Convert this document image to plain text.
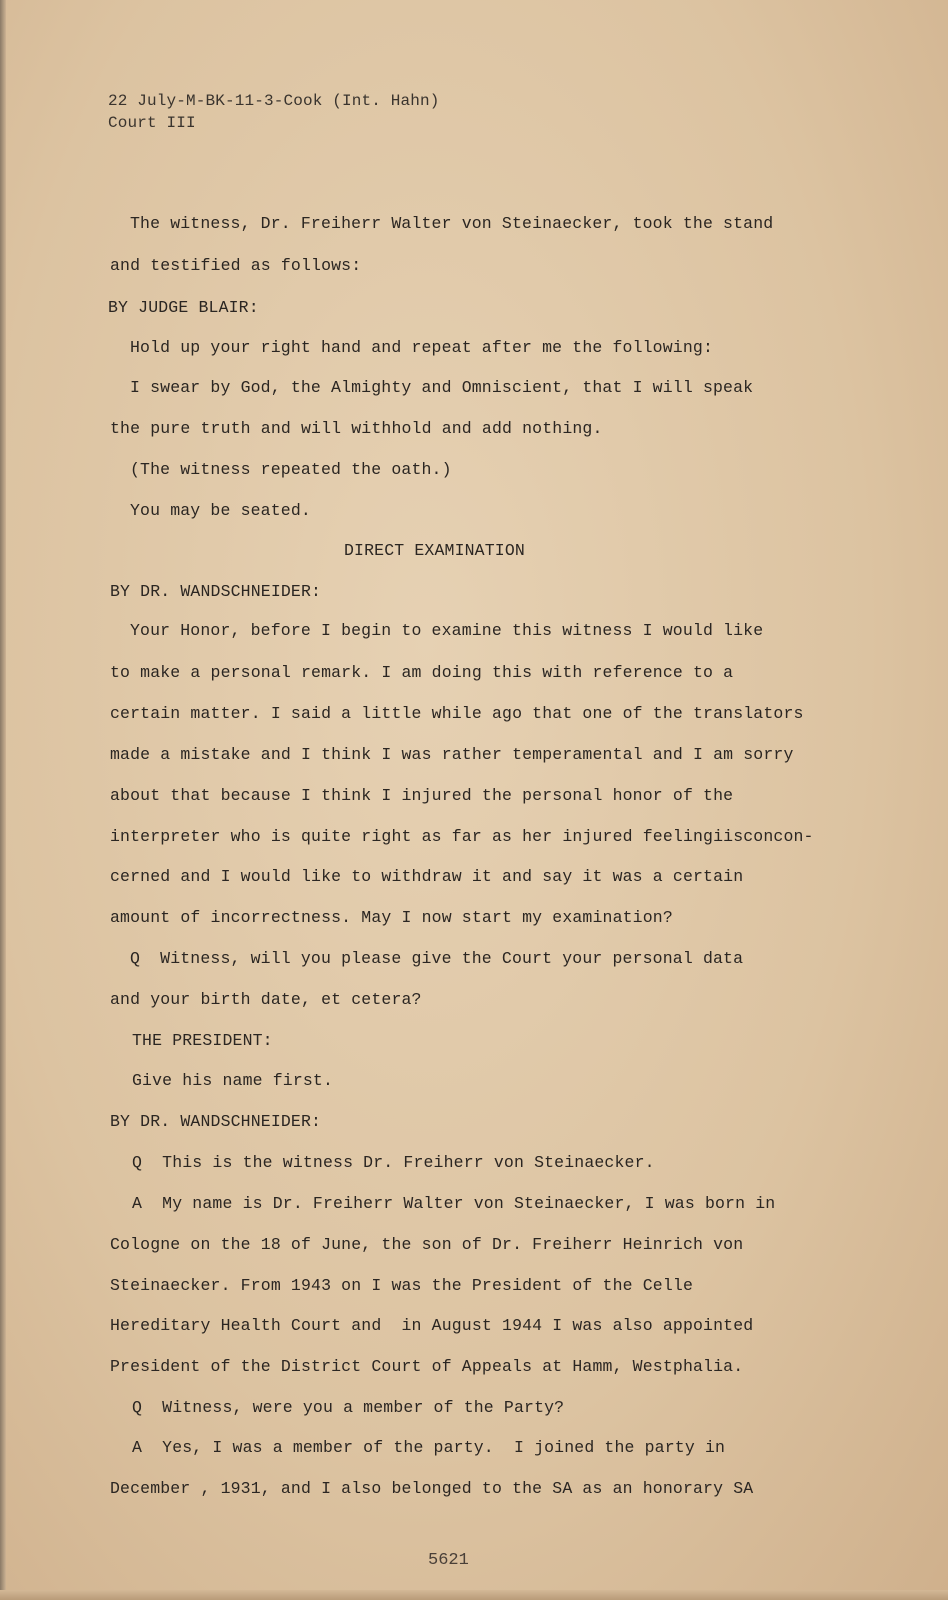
22 July-M-BK-11-3-Cook (Int. Hahn)
Court III
The witness, Dr. Freiherr Walter von Steinaecker, took the stand
and testified as follows:
BY JUDGE BLAIR:
Hold up your right hand and repeat after me the following:
I swear by God, the Almighty and Omniscient, that I will speak
the pure truth and will withhold and add nothing.
(The witness repeated the oath.)
You may be seated.
DIRECT EXAMINATION
BY DR. WANDSCHNEIDER:
Your Honor, before I begin to examine this witness I would like
to make a personal remark. I am doing this with reference to a
certain matter. I said a little while ago that one of the translators
made a mistake and I think I was rather temperamental and I am sorry
about that because I think I injured the personal honor of the
interpreter who is quite right as far as her injured feelingiisconcon-
cerned and I would like to withdraw it and say it was a certain
amount of incorrectness. May I now start my examination?
Q  Witness, will you please give the Court your personal data
and your birth date, et cetera?
THE PRESIDENT:
Give his name first.
BY DR. WANDSCHNEIDER:
Q  This is the witness Dr. Freiherr von Steinaecker.
A  My name is Dr. Freiherr Walter von Steinaecker, I was born in
Cologne on the 18 of June, the son of Dr. Freiherr Heinrich von
Steinaecker. From 1943 on I was the President of the Celle
Hereditary Health Court and  in August 1944 I was also appointed
President of the District Court of Appeals at Hamm, Westphalia.
Q  Witness, were you a member of the Party?
A  Yes, I was a member of the party.  I joined the party in
December , 1931, and I also belonged to the SA as an honorary SA
5621
